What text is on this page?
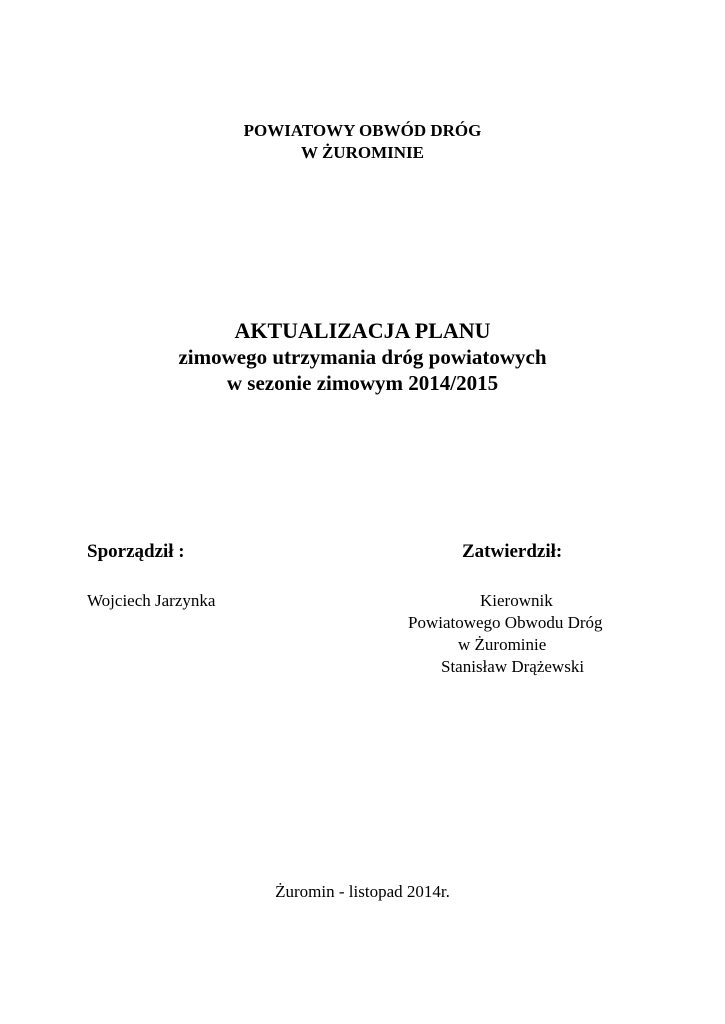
POWIATOWY OBWÓD DRÓG
W ŻUROMINIE
AKTUALIZACJA PLANU
zimowego utrzymania dróg powiatowych
w sezonie zimowym 2014/2015
Sporządził :	Zatwierdził:
Wojciech Jarzynka	Kierownik
Powiatowego Obwodu Dróg
w Żurominie
Stanisław Drążewski
Żuromin - listopad 2014r.
